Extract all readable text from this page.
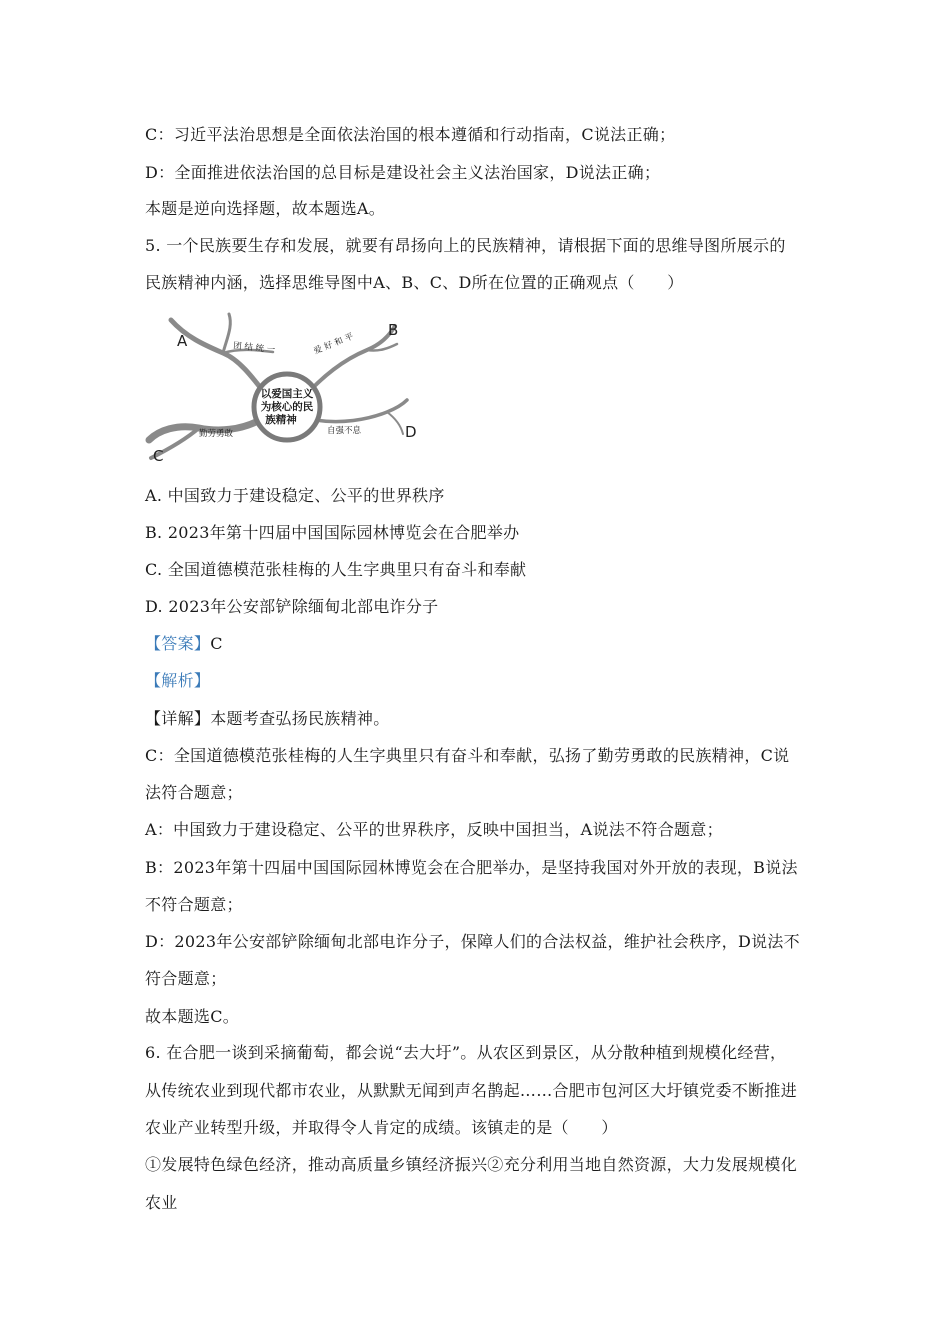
C：习近平法治思想是全面依法治国的根本遵循和行动指南，C说法正确；
D：全面推进依法治国的总目标是建设社会主义法治国家，D说法正确；
本题是逆向选择题，故本题选A。
5. 一个民族要生存和发展，就要有昂扬向上的民族精神，请根据下面的思维导图所展示的
民族精神内涵，选择思维导图中A、B、C、D所在位置的正确观点（　　）
以爱国主义
为核心的民
族精神
团 结 统 一	爱 好 和 平
勤劳勇敢	自强不息
A
B
C
D
A. 中国致力于建设稳定、公平的世界秩序
B. 2023年第十四届中国国际园林博览会在合肥举办
C. 全国道德模范张桂梅的人生字典里只有奋斗和奉献
D. 2023年公安部铲除缅甸北部电诈分子
【答案】C
【解析】
【详解】本题考查弘扬民族精神。
C：全国道德模范张桂梅的人生字典里只有奋斗和奉献，弘扬了勤劳勇敢的民族精神，C说
法符合题意；
A：中国致力于建设稳定、公平的世界秩序，反映中国担当，A说法不符合题意；
B：2023年第十四届中国国际园林博览会在合肥举办，是坚持我国对外开放的表现，B说法
不符合题意；
D：2023年公安部铲除缅甸北部电诈分子，保障人们的合法权益，维护社会秩序，D说法不
符合题意；
故本题选C。
6. 在合肥一谈到采摘葡萄，都会说“去大圩”。从农区到景区，从分散种植到规模化经营，
从传统农业到现代都市农业，从默默无闻到声名鹊起……合肥市包河区大圩镇党委不断推进
农业产业转型升级，并取得令人肯定的成绩。该镇走的是（　　）
①发展特色绿色经济，推动高质量乡镇经济振兴②充分利用当地自然资源，大力发展规模化
农业
